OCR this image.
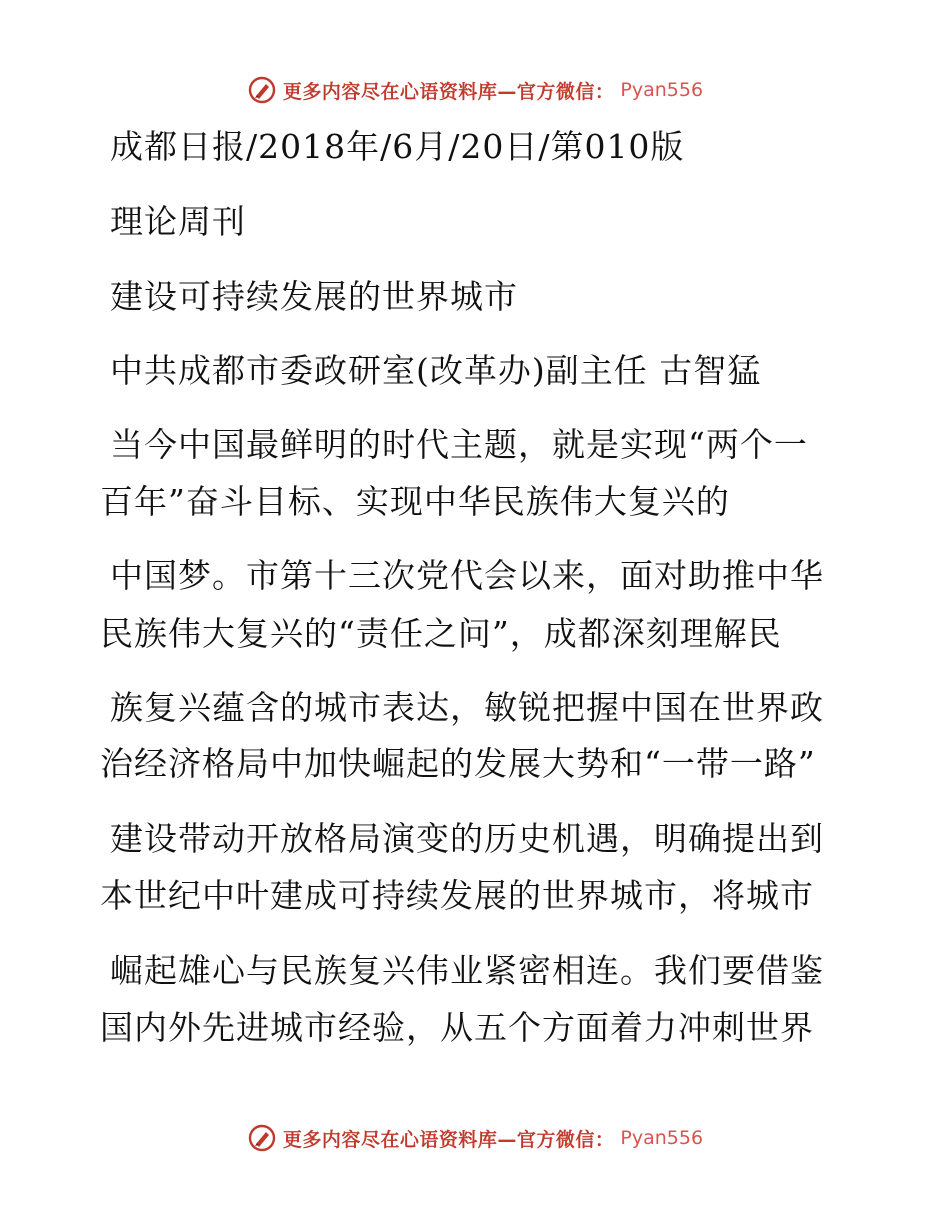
更多内容尽在心语资料库—官方微信： Pyan556
成都日报/2018年/6月/20日/第010版
理论周刊
建设可持续发展的世界城市
中共成都市委政研室(改革办)副主任 古智猛
当今中国最鲜明的时代主题，就是实现“两个一
百年”奋斗目标、实现中华民族伟大复兴的
中国梦。市第十三次党代会以来，面对助推中华
民族伟大复兴的“责任之问”，成都深刻理解民
族复兴蕴含的城市表达，敏锐把握中国在世界政
治经济格局中加快崛起的发展大势和“一带一路”
建设带动开放格局演变的历史机遇，明确提出到
本世纪中叶建成可持续发展的世界城市，将城市
崛起雄心与民族复兴伟业紧密相连。我们要借鉴
国内外先进城市经验，从五个方面着力冲刺世界
更多内容尽在心语资料库—官方微信： Pyan556
